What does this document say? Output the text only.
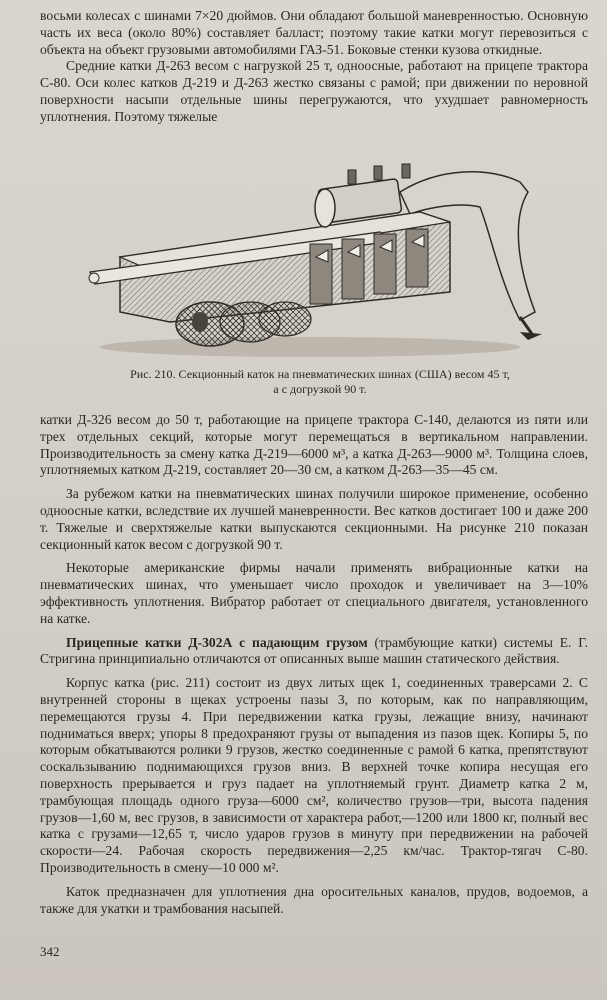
восьми колесах с шинами 7×20 дюймов. Они обладают большой маневренностью. Основную часть их веса (около 80%) составляет балласт; поэтому такие катки могут перевозиться с объекта на объект грузовыми автомобилями ГАЗ-51. Боковые стенки кузова откидные.

Средние катки Д-263 весом с нагрузкой 25 т, одноосные, работают на прицепе трактора С-80. Оси колес катков Д-219 и Д-263 жестко связаны с рамой; при движении по неровной поверхности насыпи отдельные шины перегружаются, что ухудшает равномерность уплотнения. Поэтому тяжелые

Рис. 210. Секционный каток на пневматических шинах (США) весом 45 т,
а с догрузкой 90 т.

катки Д-326 весом до 50 т, работающие на прицепе трактора С-140, делаются из пяти или трех отдельных секций, которые могут перемещаться в вертикальном направлении. Производительность за смену катка Д-219—6000 м³, а катка Д-263—9000 м³. Толщина слоев, уплотняемых катком Д-219, составляет 20—30 см, а катком Д-263—35—45 см.

За рубежом катки на пневматических шинах получили широкое применение, особенно одноосные катки, вследствие их лучшей маневренности. Вес катков достигает 100 и даже 200 т. Тяжелые и сверхтяжелые катки выпускаются секционными. На рисунке 210 показан секционный каток весом с догрузкой 90 т.

Некоторые американские фирмы начали применять вибрационные катки на пневматических шинах, что уменьшает число проходок и увеличивает на 3—10% эффективность уплотнения. Вибратор работает от специального двигателя, установленного на катке.

Прицепные катки Д-302А с падающим грузом (трамбующие катки) системы Е. Г. Стригина принципиально отличаются от описанных выше машин статического действия.

Корпус катка (рис. 211) состоит из двух литых щек 1, соединенных траверсами 2. С внутренней стороны в щеках устроены пазы 3, по которым, как по направляющим, перемещаются грузы 4. При передвижении катка грузы, лежащие внизу, начинают подниматься вверх; упоры 8 предохраняют грузы от выпадения из пазов щек. Копиры 5, по которым обкатываются ролики 9 грузов, жестко соединенные с рамой 6 катка, препятствуют соскальзыванию поднимающихся грузов вниз. В верхней точке копира несущая его поверхность прерывается и груз падает на уплотняемый грунт. Диаметр катка 2 м, трамбующая площадь одного груза—6000 см², количество грузов—три, высота падения грузов—1,60 м, вес грузов, в зависимости от характера работ,—1200 или 1800 кг, полный вес катка с грузами—12,65 т, число ударов грузов в минуту при передвижении на рабочей скорости—24. Рабочая скорость передвижения—2,25 км/час. Трактор-тягач С-80. Производительность в смену—10 000 м².

Каток предназначен для уплотнения дна оросительных каналов, прудов, водоемов, а также для укатки и трамбования насыпей.

342
